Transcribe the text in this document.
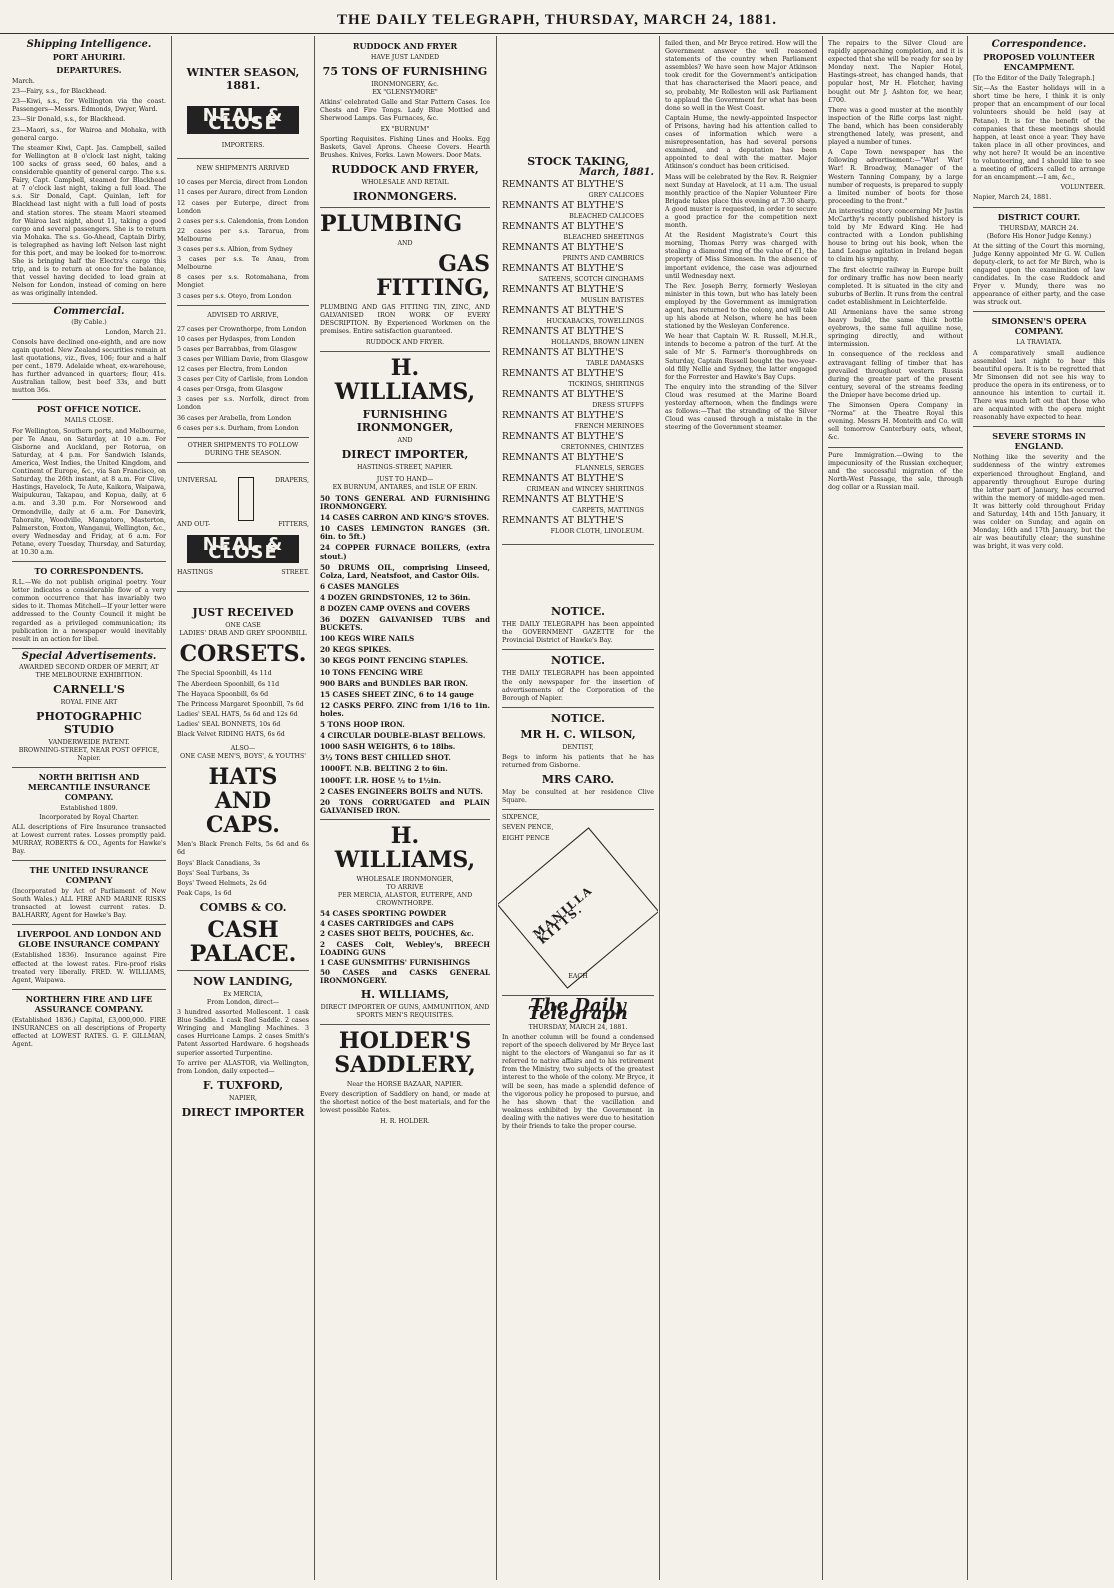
THE DAILY TELEGRAPH, THURSDAY, MARCH 24, 1881.
Shipping Intelligence.
PORT AHURIRI.
DEPARTURES.
March.
23—Fairy, s.s., for Blackhead.
23—Kiwi, s.s., for Wellington via the coast. Passengers—Messrs. Edmonds, Dwyer, Ward.
23—Sir Donald, s.s., for Blackhead.
23—Maori, s.s., for Wairoa and Mohaka, with general cargo.
The steamer Kiwi, Capt. Jas. Campbell, sailed for Wellington at 8 o'clock last night, taking 100 sacks of grass seed, 60 bales, and a considerable quantity of general cargo. The s.s. Fairy, Capt. Campbell, steamed for Blackhead at 7 o'clock last night, taking a full load. The s.s. Sir Donald, Capt. Quinlan, left for Blackhead last night with a full load of posts and station stores. The steam Maori steamed for Wairoa last night, about 11, taking a good cargo and several passengers. She is to return via Mohaka. The s.s. Go-Ahead, Captain Dirby, is telegraphed as having left Nelson last night for this port, and may be looked for to-morrow. She is bringing half the Electra's cargo this trip, and is to return at once for the balance, that vessel having decided to load grain at Nelson for London, instead of coming on here as was originally intended.
Commercial.
(By Cable.)
London, March 21.
Consols have declined one-eighth, and are now again quoted. New Zealand securities remain at last quotations, viz., fives, 106; four and a half per cent., 1879. Adelaide wheat, ex-warehouse, has further advanced in quarters; flour, 41s. Australian tallow, best beef 33s, and butt mutton 36s.
POST OFFICE NOTICE.
MAILS CLOSE.
For Wellington, Southern ports, and Melbourne, per Te Anau, on Saturday, at 10 a.m. For Gisborne and Auckland, per Rotorua, on Saturday, at 4 p.m. For Sandwich Islands, America, West Indies, the United Kingdom, and Continent of Europe, &c., via San Francisco, on Saturday, the 26th instant, at 8 a.m. For Clive, Hastings, Havelock, Te Aute, Kaikora, Waipawa, Waipukurau, Takapau, and Kopua, daily, at 6 a.m. and 3.30 p.m. For Norsewood and Ormondville, daily at 6 a.m. For Danevirk, Tahoraite, Woodville, Mangatoro, Masterton, Palmerston, Foxton, Wanganui, Wellington, &c., every Wednesday and Friday, at 6 a.m. For Petane, every Tuesday, Thursday, and Saturday, at 10.30 a.m.
TO CORRESPONDENTS.
R.L.—We do not publish original poetry. Your letter indicates a considerable flow of a very common occurrence that has invariably two sides to it. Thomas Mitchell—If your letter were addressed to the County Council it might be regarded as a privileged communication; its publication in a newspaper would inevitably result in an action for libel.
Special Advertisements.
AWARDED SECOND ORDER OF MERIT, AT THE MELBOURNE EXHIBITION.
CARNELL'S
ROYAL FINE ART
PHOTOGRAPHIC STUDIO
VANDERWEIDE PATENT.
BROWNING-STREET, NEAR POST OFFICE, Napier.
NORTH BRITISH AND MERCANTILE INSURANCE COMPANY.
Established 1809.
Incorporated by Royal Charter.
ALL descriptions of Fire Insurance transacted at Lowest current rates. Losses promptly paid. MURRAY, ROBERTS & CO., Agents for Hawke's Bay.
THE UNITED INSURANCE COMPANY
(Incorporated by Act of Parliament of New South Wales.) ALL FIRE AND MARINE RISKS transacted at lowest current rates. D. BALHARRY, Agent for Hawke's Bay.
LIVERPOOL AND LONDON AND GLOBE INSURANCE COMPANY
(Established 1836). Insurance against Fire effected at the lowest rates. Fire-proof risks treated very liberally. FRED. W. WILLIAMS, Agent, Waipawa.
NORTHERN FIRE AND LIFE ASSURANCE COMPANY.
(Established 1836.) Capital, £3,000,000. FIRE INSURANCES on all descriptions of Property effected at LOWEST RATES. G. F. GILLMAN, Agent.
WINTER SEASON, 1881.
NEAL & CLOSE
IMPORTERS.
NEW SHIPMENTS ARRIVED
10 cases per Mercia, direct from London
11 cases per Auraro, direct from London
12 cases per Euterpe, direct from London
2 cases per s.s. Calendonia, from London
22 cases per s.s. Tararua, from Melbourne
3 cases per s.s. Albion, from Sydney
3 cases per s.s. Te Anau, from Melbourne
8 cases per s.s. Rotomahana, from Mongiet
3 cases per s.s. Oteyo, from London
ADVISED TO ARRIVE,
27 cases per Crownthorpe, from London
10 cases per Hydaspes, from London
5 cases per Barrabbas, from Glasgow
3 cases per William Davie, from Glasgow
12 cases per Electra, from London
3 cases per City of Carlisle, from London
4 cases per Orsga, from Glasgow
3 cases per s.s. Norfolk, direct from London
36 cases per Arabella, from London
6 cases per s.s. Durham, from London
OTHER SHIPMENTS TO FOLLOW DURING THE SEASON.
UNIVERSAL	DRAPERS,
AND OUT-	FITTERS,
NEAL & CLOSE
HASTINGS	STREET.
JUST RECEIVED
ONE CASE
LADIES' DRAB AND GREY SPOONBILL
CORSETS.
The Special Spoonbill, 4s 11d
The Aberdeen Spoonbill, 6s 11d
The Hayaca Spoonbill, 6s 6d
The Princess Margaret Spoonbill, 7s 6d
Ladies' SEAL HATS, 5s 6d and 12s 6d
Ladies' SEAL BONNETS, 10s 6d
Black Velvet RIDING HATS, 6s 6d
ALSO—
ONE CASE MEN'S, BOYS', & YOUTHS'
HATS AND CAPS.
Men's Black French Felts, 5s 6d and 6s 6d
Boys' Black Canadians, 3s
Boys' Seal Turbans, 3s
Boys' Tweed Helmets, 2s 6d
Peak Caps, 1s 6d
COMBS & CO.
CASH PALACE.
NOW LANDING,
Ex MERCIA,
From London, direct—
3 hundred assorted Mollescent. 1 cask Blue Saddle. 1 cask Red Saddle. 2 cases Wringing and Mangling Machines. 3 cases Hurricane Lamps. 2 cases Smith's Patent Assorted Hardware. 6 hogsheads superior assorted Turpentine.
To arrive per ALASTOR, via Wellington, from London, daily expected—
F. TUXFORD,
NAPIER,
DIRECT IMPORTER
RUDDOCK AND FRYER
HAVE JUST LANDED
75 TONS OF FURNISHING
IRONMONGERY, &c.
EX "GLENSYMORE"
Atkins' celebrated Galle and Star Pattern Cases. Ice Chests and Fire Tongs. Lady Blue Mottled and Sherwood Lamps. Gas Furnaces, &c.
EX "BURNUM"
Sporting Requisites. Fishing Lines and Hooks. Egg Baskets, Gavel Aprons. Cheese Covers. Hearth Brushes. Knives, Forks. Lawn Mowers. Door Mats.
RUDDOCK AND FRYER,
WHOLESALE AND RETAIL
IRONMONGERS.
PLUMBING
AND
GAS FITTING,
PLUMBING AND GAS FITTING TIN, ZINC, AND GALVANISED IRON WORK OF EVERY DESCRIPTION. By Experienced Workmen on the premises. Entire satisfaction guaranteed.
RUDDOCK AND FRYER.
H. WILLIAMS,
FURNISHING IRONMONGER,
AND
DIRECT IMPORTER,
HASTINGS-STREET, NAPIER.
JUST TO HAND—
EX BURNUM, ANTARES, and ISLE OF ERIN.
50 TONS GENERAL AND FURNISHING IRONMONGERY.
14 CASES CARRON AND KING'S STOVES.
10 CASES LEMINGTON RANGES (3ft. 6in. to 5ft.)
24 COPPER FURNACE BOILERS, (extra stout.)
50 DRUMS OIL, comprising Linseed, Colza, Lard, Neatsfoot, and Castor Oils.
6 CASES MANGLES
4 DOZEN GRINDSTONES, 12 to 36in.
8 DOZEN CAMP OVENS and COVERS
36 DOZEN GALVANISED TUBS and BUCKETS.
100 KEGS WIRE NAILS
20 KEGS SPIKES.
30 KEGS POINT FENCING STAPLES.
10 TONS FENCING WIRE
900 BARS and BUNDLES BAR IRON.
15 CASES SHEET ZINC, 6 to 14 gauge
12 CASKS PERFO. ZINC from 1/16 to 1in. holes.
5 TONS HOOP IRON.
4 CIRCULAR DOUBLE-BLAST BELLOWS.
1000 SASH WEIGHTS, 6 to 18lbs.
3½ TONS BEST CHILLED SHOT.
1000FT. N.B. BELTING 2 to 6in.
1000FT. I.R. HOSE ½ to 1½in.
2 CASES ENGINEERS BOLTS and NUTS.
20 TONS CORRUGATED and PLAIN GALVANISED IRON.
H. WILLIAMS,
WHOLESALE IRONMONGER,
TO ARRIVE
PER MERCIA, ALASTOR, EUTERPE, AND CROWNTHORPE.
54 CASES SPORTING POWDER
4 CASES CARTRIDGES and CAPS
2 CASES SHOT BELTS, POUCHES, &c.
2 CASES Colt, Webley's, BREECH LOADING GUNS
1 CASE GUNSMITHS' FURNISHINGS
50 CASES and CASKS GENERAL IRONMONGERY.
H. WILLIAMS,
DIRECT IMPORTER OF GUNS, AMMUNITION, AND SPORTS MEN'S REQUISITES.
HOLDER'S SADDLERY,
Near the HORSE BAZAAR, NAPIER.
Every description of Saddlery on hand, or made at the shortest notice of the best materials, and for the lowest possible Rates.
H. R. HOLDER.
STOCK TAKING,
March, 1881.
REMNANTS AT BLYTHE'S
GREY CALICOES
REMNANTS AT BLYTHE'S
BLEACHED CALICOES
REMNANTS AT BLYTHE'S
BLEACHED SHEETINGS
REMNANTS AT BLYTHE'S
PRINTS AND CAMBRICS
REMNANTS AT BLYTHE'S
SATEENS, SCOTCH GINGHAMS
REMNANTS AT BLYTHE'S
MUSLIN BATISTES
REMNANTS AT BLYTHE'S
HUCKABACKS, TOWELLINGS
REMNANTS AT BLYTHE'S
HOLLANDS, BROWN LINEN
REMNANTS AT BLYTHE'S
TABLE DAMASKS
REMNANTS AT BLYTHE'S
TICKINGS, SHIRTINGS
REMNANTS AT BLYTHE'S
DRESS STUFFS
REMNANTS AT BLYTHE'S
FRENCH MERINOES
REMNANTS AT BLYTHE'S
CRETONNES, CHINTZES
REMNANTS AT BLYTHE'S
FLANNELS, SERGES
REMNANTS AT BLYTHE'S
CRIMEAN and WINCEY SHIRTINGS
REMNANTS AT BLYTHE'S
CARPETS, MATTINGS
REMNANTS AT BLYTHE'S
FLOOR CLOTH, LINOLEUM.
NOTICE.
THE DAILY TELEGRAPH has been appointed the GOVERNMENT GAZETTE for the Provincial District of Hawke's Bay.
NOTICE.
THE DAILY TELEGRAPH has been appointed the only newspaper for the insertion of advertisements of the Corporation of the Borough of Napier.
NOTICE.
MR H. C. WILSON,
DENTIST,
Begs to inform his patients that he has returned from Gisborne.
MRS CARO.
May be consulted at her residence Clive Square.
SIXPENCE,
SEVEN PENCE,
EIGHT PENCE
MANILLA KITTS.
EACH
The Daily Telegraph
THURSDAY, MARCH 24, 1881.
In another column will be found a condensed report of the speech delivered by Mr Bryce last night to the electors of Wanganui so far as it referred to native affairs and to his retirement from the Ministry, two subjects of the greatest interest to the whole of the colony. Mr Bryce, it will be seen, has made a splendid defence of the vigorous policy he proposed to pursue, and he has shown that the vacillation and weakness exhibited by the Government in dealing with the natives were due to hesitation by their friends to take the proper course.
failed then, and Mr Bryce retired. How will the Government answer the well reasoned statements of the country when Parliament assembles? We have seen how Major Atkinson took credit for the Government's anticipation that has characterised the Maori peace, and so, probably, Mr Rolleston will ask Parliament to applaud the Government for what has been done so well in the West Coast.
Captain Hume, the newly-appointed Inspector of Prisons, having had his attention called to cases of information which were a misrepresentation, has had several persons examined, and a deputation has been appointed to deal with the matter. Major Atkinson's conduct has been criticised.
Mass will be celebrated by the Rev. R. Reignier next Sunday at Havelock, at 11 a.m. The usual monthly practice of the Napier Volunteer Fire Brigade takes place this evening at 7.30 sharp. A good muster is requested, in order to secure a good practice for the competition next month.
At the Resident Magistrate's Court this morning, Thomas Perry was charged with stealing a diamond ring of the value of £1, the property of Miss Simonsen. In the absence of important evidence, the case was adjourned until Wednesday next.
The Rev. Joseph Berry, formerly Wesleyan minister in this town, but who has lately been employed by the Government as immigration agent, has returned to the colony, and will take up his abode at Nelson, where he has been stationed by the Wesleyan Conference.
We hear that Captain W. R. Russell, M.H.R., intends to become a patron of the turf. At the sale of Mr S. Farmer's thoroughbreds on Saturday, Captain Russell bought the two-year-old filly Nellie and Sydney, the latter engaged for the Forrester and Hawke's Bay Cups.
The enquiry into the stranding of the Silver Cloud was resumed at the Marine Board yesterday afternoon, when the findings were as follows:—That the stranding of the Silver Cloud was caused through a mistake in the steering of the Government steamer.
The repairs to the Silver Cloud are rapidly approaching completion, and it is expected that she will be ready for sea by Monday next. The Napier Hotel, Hastings-street, has changed hands, that popular host, Mr H. Fletcher, having bought out Mr J. Ashton for, we hear, £700.
There was a good muster at the monthly inspection of the Rifle corps last night. The band, which has been considerably strengthened lately, was present, and played a number of tunes.
A Cape Town newspaper has the following advertisement:—"War! War! War! R. Broadway, Manager of the Western Tanning Company, by a large number of requests, is prepared to supply a limited number of boots for those proceeding to the front."
An interesting story concerning Mr Justin McCarthy's recently published history is told by Mr Edward King. He had contracted with a London publishing house to bring out his book, when the Land League agitation in Ireland began to claim his sympathy.
The first electric railway in Europe built for ordinary traffic has now been nearly completed. It is situated in the city and suburbs of Berlin. It runs from the central cadet establishment in Leichterfelde.
All Armenians have the same strong heavy build, the same thick bottle eyebrows, the same full aquiline nose, springing directly, and without intermission.
In consequence of the reckless and extravagant felling of timber that has prevailed throughout western Russia during the greater part of the present century, several of the streams feeding the Dnieper have become dried up.
The Simonsen Opera Company in "Norma" at the Theatre Royal this evening. Messrs H. Monteith and Co. will sell tomorrow Canterbury oats, wheat, &c.
Pure Immigration.—Owing to the impecuniosity of the Russian exchequer, and the successful migration of the North-West Passage, the sale, through dog collar or a Russian mail.
Correspondence.
PROPOSED VOLUNTEER ENCAMPMENT.
[To the Editor of the Daily Telegraph.]
Sir,—As the Easter holidays will in a short time be here, I think it is only proper that an encampment of our local volunteers should be held (say at Petane). It is for the benefit of the companies that these meetings should happen, at least once a year. They have taken place in all other provinces, and why not here? It would be an incentive to volunteering, and I should like to see a meeting of officers called to arrange for an encampment.—I am, &c.,
VOLUNTEER.
Napier, March 24, 1881.
DISTRICT COURT.
THURSDAY, MARCH 24.
(Before His Honor Judge Kenny.)
At the sitting of the Court this morning, Judge Kenny appointed Mr G. W. Cullen deputy-clerk, to act for Mr Birch, who is engaged upon the examination of law candidates. In the case Ruddock and Fryer v. Mundy, there was no appearance of either party, and the case was struck out.
SIMONSEN'S OPERA COMPANY.
LA TRAVIATA.
A comparatively small audience assembled last night to hear this beautiful opera. It is to be regretted that Mr Simonsen did not see his way to produce the opera in its entireness, or to announce his intention to curtail it. There was much left out that those who are acquainted with the opera might reasonably have expected to hear.
SEVERE STORMS IN ENGLAND.
Nothing like the severity and the suddenness of the wintry extremes experienced throughout England, and apparently throughout Europe during the latter part of January, has occurred within the memory of middle-aged men. It was bitterly cold throughout Friday and Saturday, 14th and 15th January, it was colder on Sunday, and again on Monday, 16th and 17th January, but the air was beautifully clear; the sunshine was bright, it was very cold.
